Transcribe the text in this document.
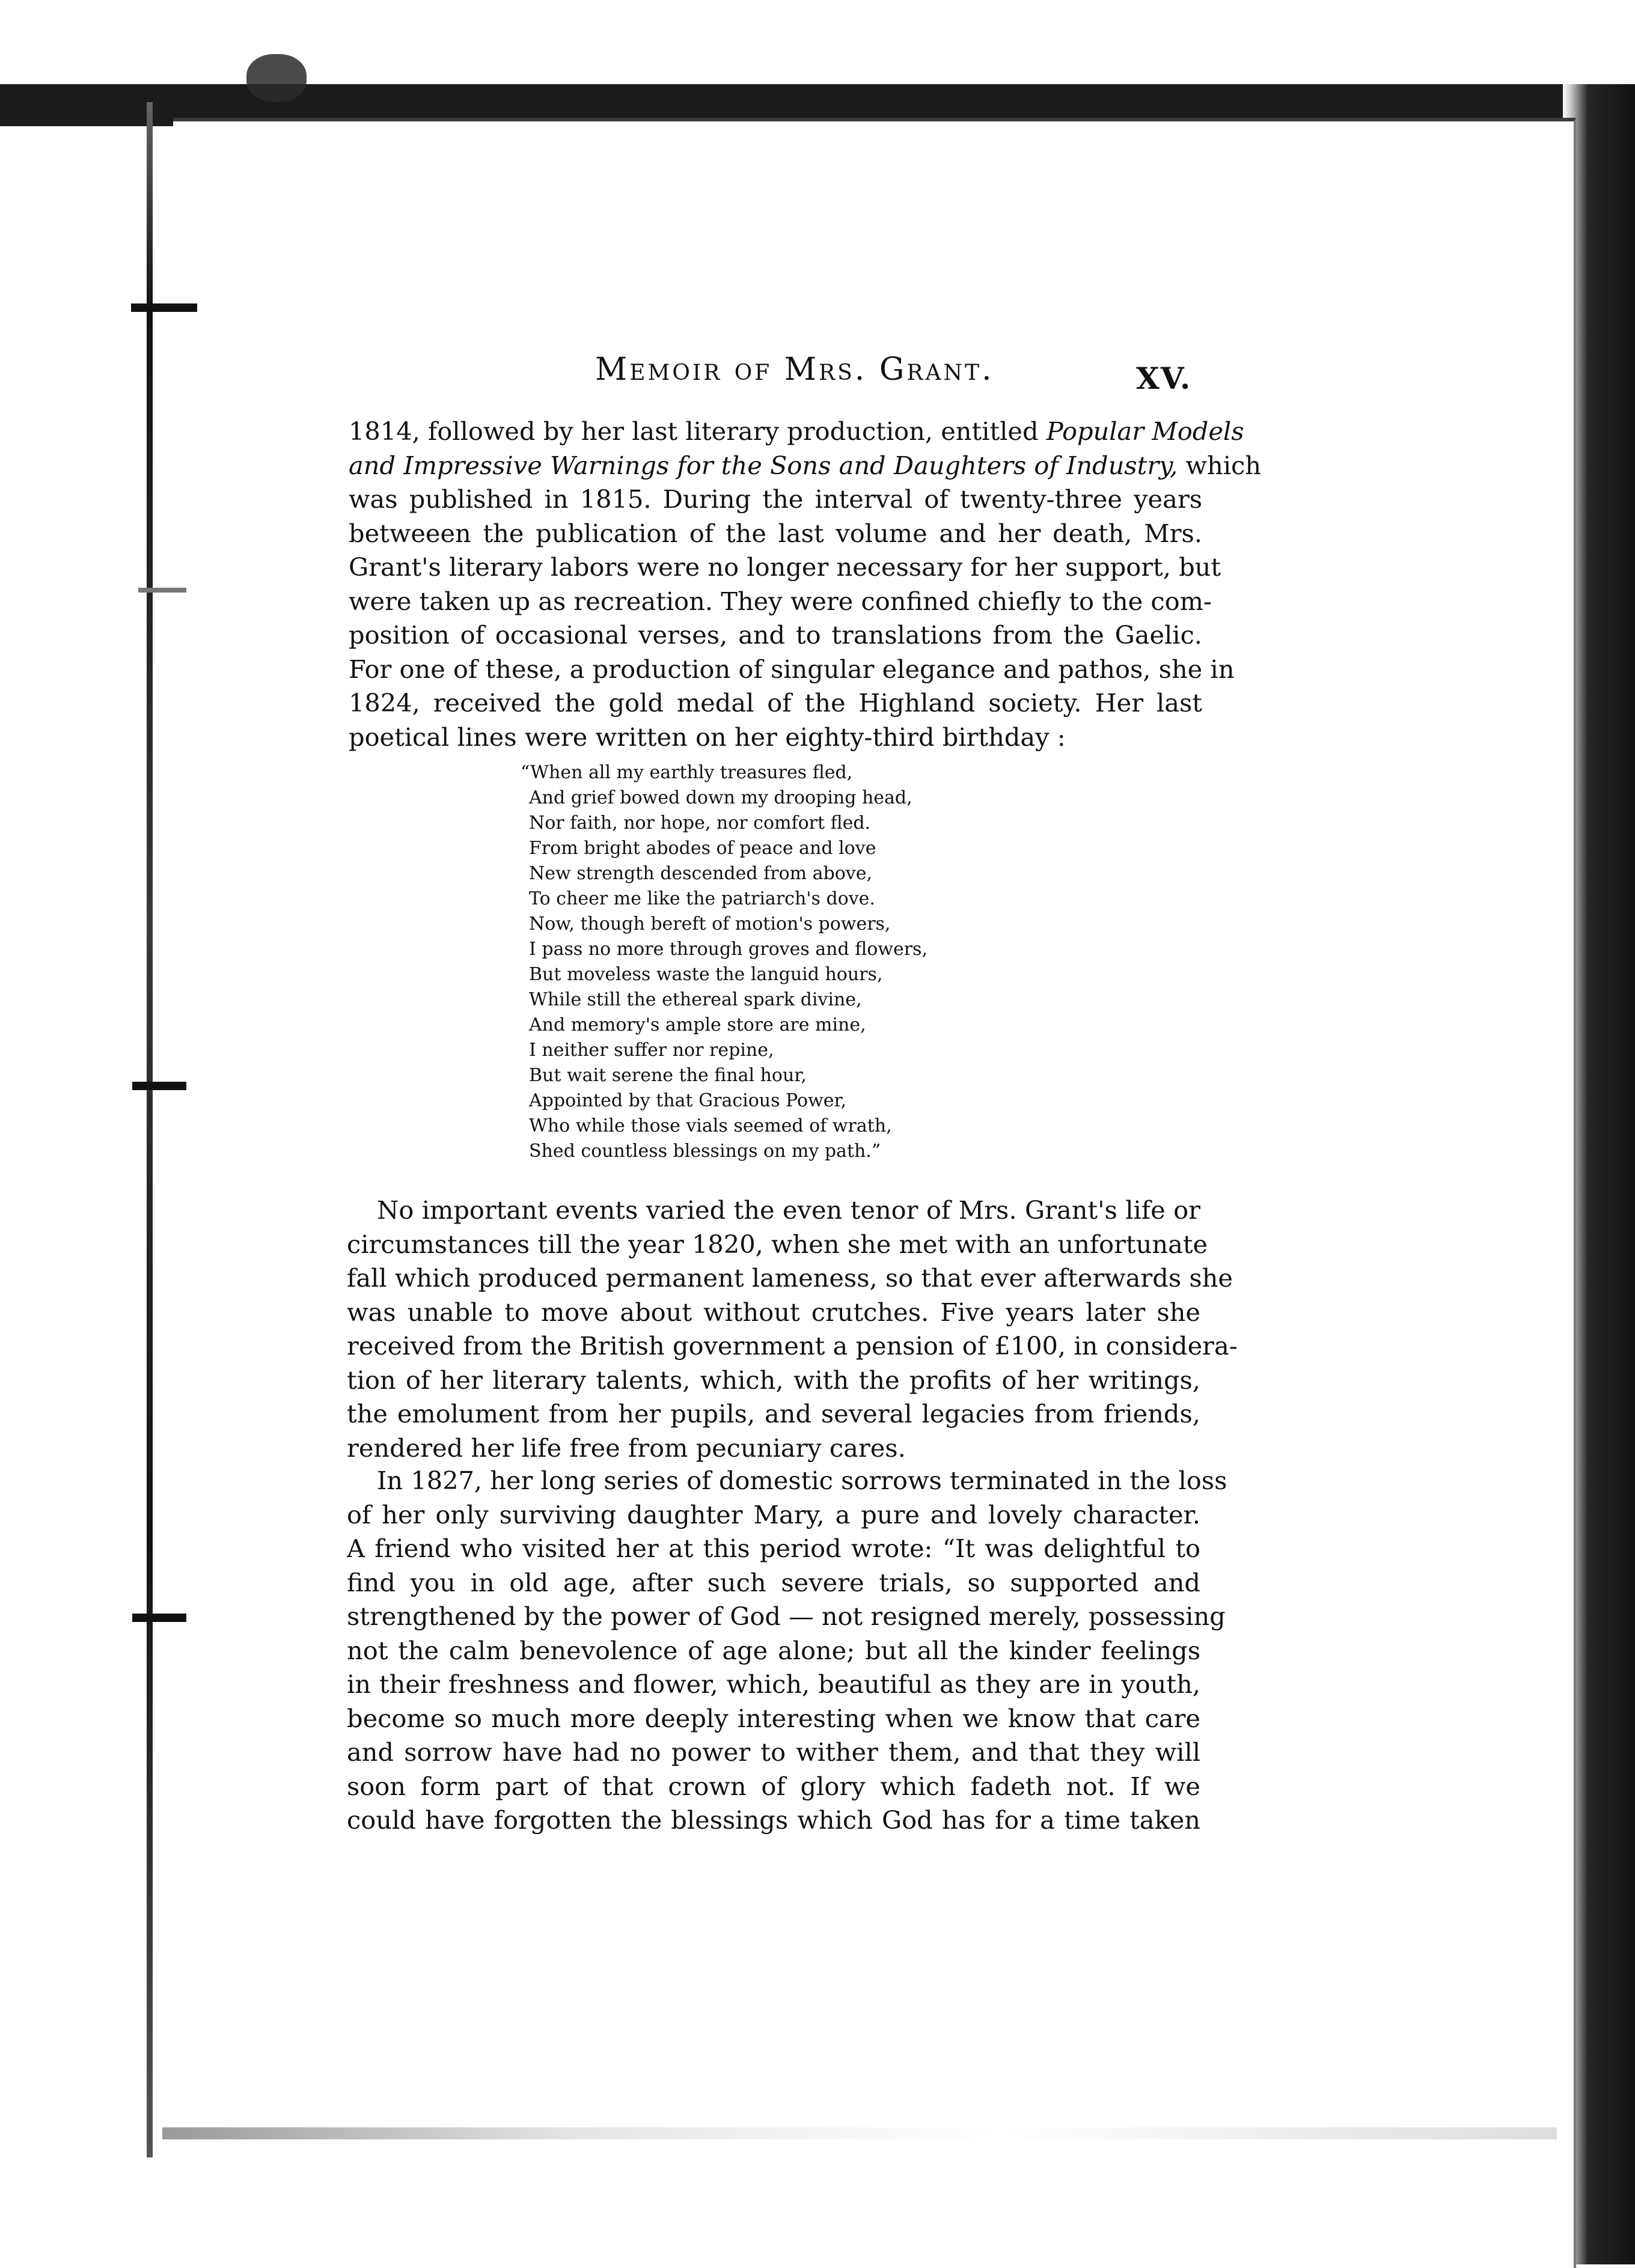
Memoir of Mrs. Grant.	XV.
1814, followed by her last literary production, entitled Popular Models
and Impressive Warnings for the Sons and Daughters of Industry, which
was published in 1815. During the interval of twenty-three years
betweeen the publication of the last volume and her death, Mrs.
Grant's literary labors were no longer necessary for her support, but
were taken up as recreation. They were confined chiefly to the com-
position of occasional verses, and to translations from the Gaelic.
For one of these, a production of singular elegance and pathos, she in
1824, received the gold medal of the Highland society. Her last
poetical lines were written on her eighty-third birthday :
“When all my earthly treasures fled,
And grief bowed down my drooping head,
Nor faith, nor hope, nor comfort fled.
From bright abodes of peace and love
New strength descended from above,
To cheer me like the patriarch's dove.
Now, though bereft of motion's powers,
I pass no more through groves and flowers,
But moveless waste the languid hours,
While still the ethereal spark divine,
And memory's ample store are mine,
I neither suffer nor repine,
But wait serene the final hour,
Appointed by that Gracious Power,
Who while those vials seemed of wrath,
Shed countless blessings on my path.”
No important events varied the even tenor of Mrs. Grant's life or
circumstances till the year 1820, when she met with an unfortunate
fall which produced permanent lameness, so that ever afterwards she
was unable to move about without crutches. Five years later she
received from the British government a pension of £100, in considera-
tion of her literary talents, which, with the profits of her writings,
the emolument from her pupils, and several legacies from friends,
rendered her life free from pecuniary cares.
In 1827, her long series of domestic sorrows terminated in the loss
of her only surviving daughter Mary, a pure and lovely character.
A friend who visited her at this period wrote: “It was delightful to
find you in old age, after such severe trials, so supported and
strengthened by the power of God — not resigned merely, possessing
not the calm benevolence of age alone; but all the kinder feelings
in their freshness and flower, which, beautiful as they are in youth,
become so much more deeply interesting when we know that care
and sorrow have had no power to wither them, and that they will
soon form part of that crown of glory which fadeth not. If we
could have forgotten the blessings which God has for a time taken
